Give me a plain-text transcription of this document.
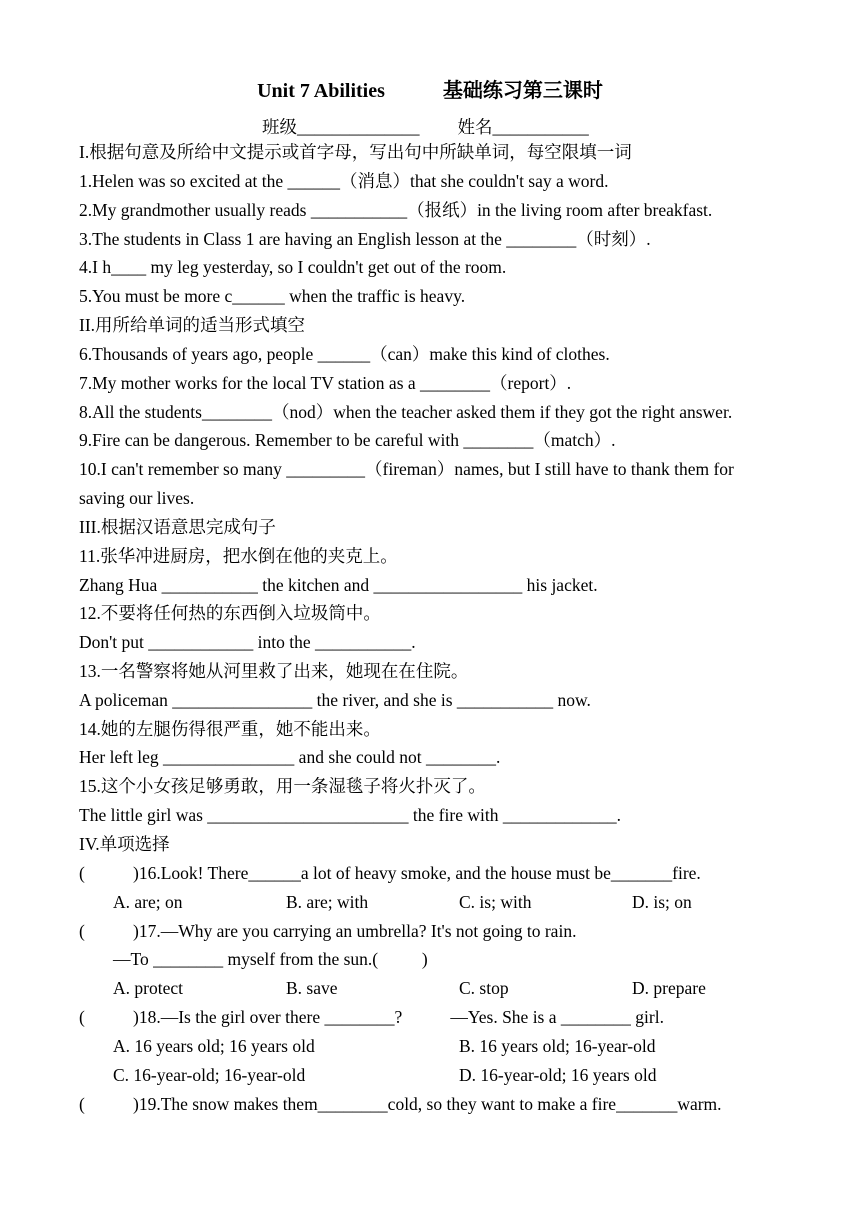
Unit 7 Abilities	基础练习第三课时
班级______________ 姓名___________
I.根据句意及所给中文提示或首字母，写出句中所缺单词，每空限填一词
1.Helen was so excited at the ______（消息）that she couldn't say a word.
2.My grandmother usually reads ___________（报纸）in the living room after breakfast.
3.The students in Class 1 are having an English lesson at the ________（时刻）.
4.I h____ my leg yesterday, so I couldn't get out of the room.
5.You must be more c______ when the traffic is heavy.
II.用所给单词的适当形式填空
6.Thousands of years ago, people ______（can）make this kind of clothes.
7.My mother works for the local TV station as a ________（report）.
8.All the students________（nod）when the teacher asked them if they got the right answer.
9.Fire can be dangerous. Remember to be careful with ________（match）.
10.I can't remember so many _________（fireman）names, but I still have to thank them for
saving our lives.
III.根据汉语意思完成句子
11.张华冲进厨房，把水倒在他的夹克上。
Zhang Hua ___________ the kitchen and _________________ his jacket.
12.不要将任何热的东西倒入垃圾筒中。
Don't put ____________ into the ___________.
13.一名警察将她从河里救了出来，她现在在住院。
A policeman ________________ the river, and she is ___________ now.
14.她的左腿伤得很严重，她不能出来。
Her left leg _______________ and she could not ________.
15.这个小女孩足够勇敢，用一条湿毯子将火扑灭了。
The little girl was _______________________ the fire with _____________.
IV.单项选择
(	)16.Look! There______a lot of heavy smoke, and the house must be_______fire.
A. are; on	B. are; with	C. is; with	D. is; on
(	)17.—Why are you carrying an umbrella? It's not going to rain.
—To ________ myself from the sun.(          )
A. protect	B. save	C. stop	D. prepare
(	)18.—Is the girl over there ________?           —Yes. She is a ________ girl.
A. 16 years old; 16 years old	B. 16 years old; 16-year-old
C. 16-year-old; 16-year-old	D. 16-year-old; 16 years old
(	)19.The snow makes them________cold, so they want to make a fire_______warm.
